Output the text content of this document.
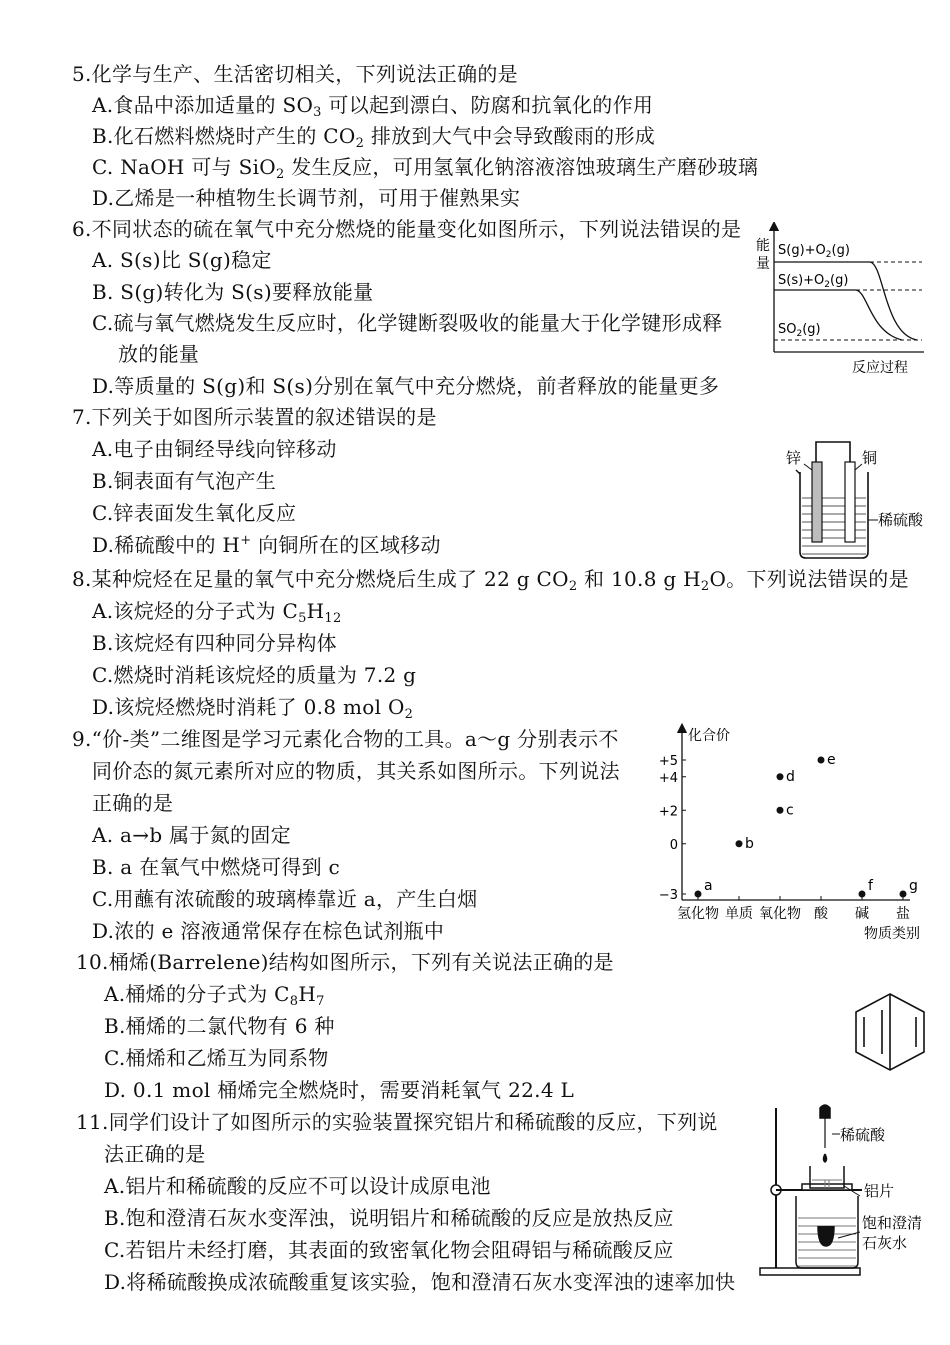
5.化学与生产、生活密切相关，下列说法正确的是
A.食品中添加适量的 $SO_3$ 可以起到漂白、防腐和抗氧化的作用
B.化石燃料燃烧时产生的 $CO_2$ 排放到大气中会导致酸雨的形成
C. NaOH 可与 SiO$_2$ 发生反应，可用氢氧化钠溶液溶蚀玻璃生产磨砂玻璃
D.乙烯是一种植物生长调节剂，可用于催熟果实
6.不同状态的硫在氧气中充分燃烧的能量变化如图所示，下列说法错误的是
A. S(s)比 S(g)稳定
B. S(g)转化为 S(s)要释放能量
C.硫与氧气燃烧发生反应时，化学键断裂吸收的能量大于化学键形成释
放的能量
D.等质量的 S(g)和 S(s)分别在氧气中充分燃烧，前者释放的能量更多
能
量
$S(g)+O_2(g)$
$S(s)+O_2(g)$
$SO_2(g)$
反应过程
7.下列关于如图所示装置的叙述错误的是
A.电子由铜经导线向锌移动
B.铜表面有气泡产生
C.锌表面发生氧化反应
D.稀硫酸中的 H+ 向铜所在的区域移动
锌	铜
稀硫酸
8.某种烷烃在足量的氧气中充分燃烧后生成了 22 g $CO_2$ 和 10.8 g $H_2O$。下列说法错误的是
A.该烷烃的分子式为 $C_5H_{12}$
B.该烷烃有四种同分异构体
C.燃烧时消耗该烷烃的质量为 7.2 g
D.该烷烃燃烧时消耗了 0.8 mol $O_2$
9.“价-类”二维图是学习元素化合物的工具。a～g 分别表示不
同价态的氮元素所对应的物质，其关系如图所示。下列说法
正确的是
A. a→b 属于氮的固定
B. a 在氧气中燃烧可得到 c
C.用蘸有浓硫酸的玻璃棒靠近 a，产生白烟
D.浓的 e 溶液通常保存在棕色试剂瓶中
化合价
物质类别
+5
+4
+2
0
−3
氢化物 单质 氧化物 酸 碱 盐
a
b
c
d
e
f	g
10.桶烯(Barrelene)结构如图所示，下列有关说法正确的是
A.桶烯的分子式为 $C_8H_7$
B.桶烯的二氯代物有 6 种
C.桶烯和乙烯互为同系物
D. 0.1 mol 桶烯完全燃烧时，需要消耗氧气 22.4 L
11.同学们设计了如图所示的实验装置探究铝片和稀硫酸的反应，下列说
法正确的是
A.铝片和稀硫酸的反应不可以设计成原电池
B.饱和澄清石灰水变浑浊，说明铝片和稀硫酸的反应是放热反应
C.若铝片未经打磨，其表面的致密氧化物会阻碍铝与稀硫酸反应
D.将稀硫酸换成浓硫酸重复该实验，饱和澄清石灰水变浑浊的速率加快
稀硫酸
铝片
饱和澄清
石灰水
